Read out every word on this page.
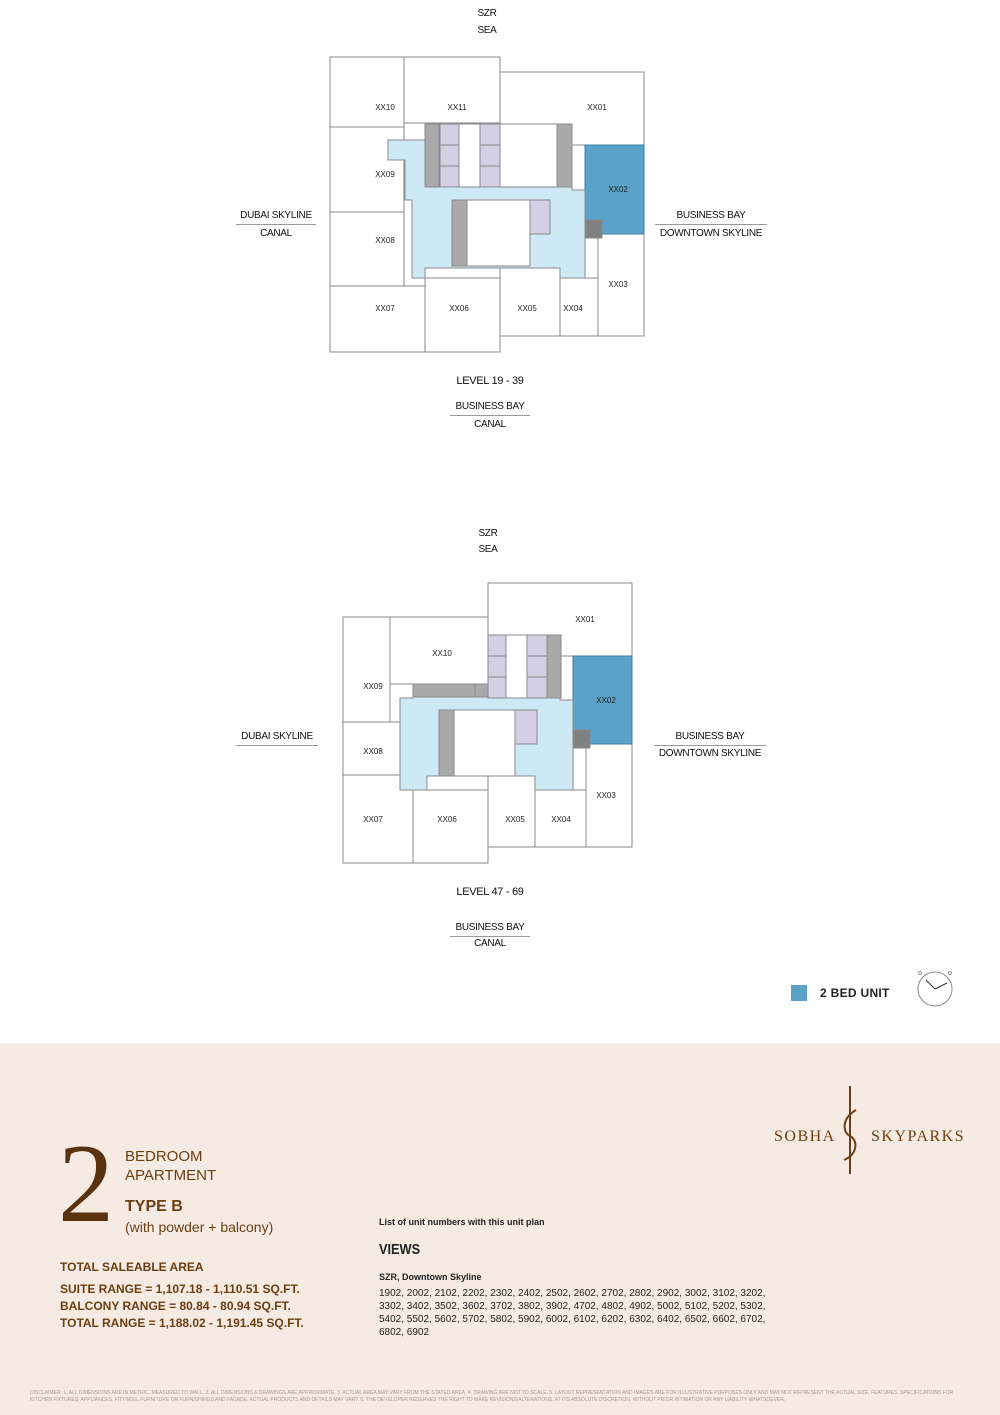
SZR
SEA
DUBAI SKYLINE
CANAL
BUSINESS BAY
DOWNTOWN SKYLINE
LEVEL 19 - 39
BUSINESS BAY
CANAL
XX10	XX11	XX01
XX09
XX02
XX08
XX03
XX07	XX06	XX05	XX04
SZR
SEA
DUBAI SKYLINE	BUSINESS BAY
DOWNTOWN SKYLINE
LEVEL 47 - 69
BUSINESS BAY
CANAL
XX01
XX10
XX09
XX02
XX08
XX03
XX07	XX06	XX05	XX04
2 BED UNIT
SOBHA SKYPARKS
2 BEDROOM
APARTMENT
TYPE B
(with powder + balcony)
TOTAL SALEABLE AREA
SUITE RANGE = 1,107.18 - 1,110.51 SQ.FT.
BALCONY RANGE = 80.84 - 80.94 SQ.FT.
TOTAL RANGE = 1,188.02 - 1,191.45 SQ.FT.
List of unit numbers with this unit plan
VIEWS
SZR, Downtown Skyline
1902, 2002, 2102, 2202, 2302, 2402, 2502, 2602, 2702, 2802, 2902, 3002, 3102, 3202, 3302, 3402, 3502, 3602, 3702, 3802, 3902, 4702, 4802, 4902, 5002, 5102, 5202, 5302, 5402, 5502, 5602, 5702, 5802, 5902, 6002, 6102, 6202, 6302, 6402, 6502, 6602, 6702, 6802, 6902
DISCLAIMER: 1. ALL DIMENSIONS ARE IN METRIC, MEASURED TO WALL. 2. ALL DIMENSIONS & DRAWINGS ARE APPROXIMATE. 3. ACTUAL AREA MAY VARY FROM THE STATED AREA. 4. DRAWING ARE NOT TO SCALE. 5. LAYOUT REPRESENTATION AND IMAGES ARE FOR ILLUSTRATIVE PURPOSES ONLY AND MAY NOT REPRESENT THE ACTUAL SIZE, FEATURES, SPECIFICATIONS FOR KITCHEN FIXTURES, APPLIANCES, FITTINGS, FURNITURE OR FURNISHINGS AND FACADE. ACTUAL PRODUCTS AND DETAILS MAY VARY. 6. THE DEVELOPER RESERVES THE RIGHT TO MAKE REVISIONS/ALTERATIONS, AT ITS ABSOLUTE DISCRETION, WITHOUT PRIOR INTIMATION OR ANY LIABILITY WHATSOEVER.
